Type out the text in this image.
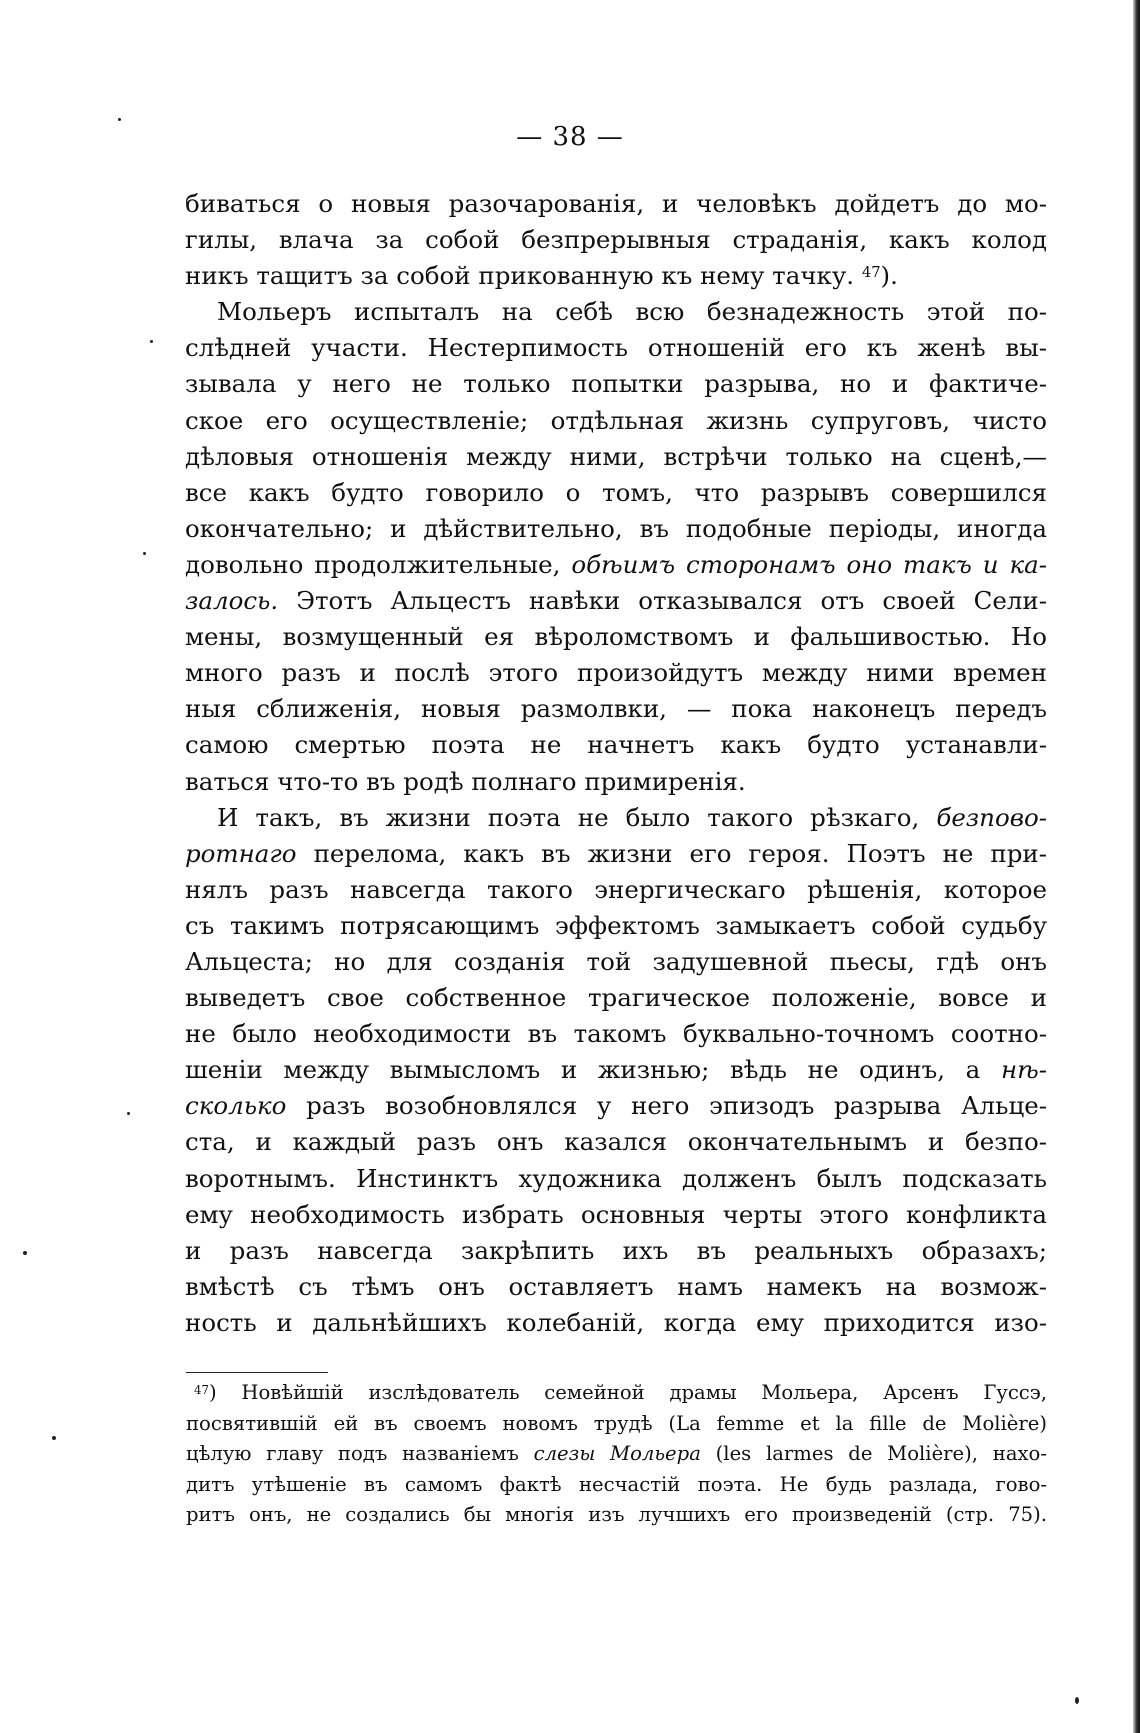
— 38 —
биваться о новыя разочарованія, и человѣкъ дойдетъ до мо-
гилы, влача за собой безпрерывныя страданія, какъ колод
никъ тащитъ за собой прикованную къ нему тачку. $^{47}$).
Мольеръ испыталъ на себѣ всю безнадежность этой по-
слѣдней участи. Нестерпимость отношеній его къ женѣ вы-
зывала у него не только попытки разрыва, но и фактиче-
ское его осуществленіе; отдѣльная жизнь супруговъ, чисто
дѣловыя отношенія между ними, встрѣчи только на сценѣ,—
все какъ будто говорило о томъ, что разрывъ совершился
окончательно; и дѣйствительно, въ подобные періоды, иногда
довольно продолжительные, обѣимъ сторонамъ оно такъ и ка-
залось. Этотъ Альцестъ навѣки отказывался отъ своей Сели-
мены, возмущенный ея вѣроломствомъ и фальшивостью. Но
много разъ и послѣ этого произойдутъ между ними времен
ныя сближенія, новыя размолвки, — пока наконецъ передъ
самою смертью поэта не начнетъ какъ будто устанавли-
ваться что-то въ родѣ полнаго примиренія.
И такъ, въ жизни поэта не было такого рѣзкаго, безпово-
ротнаго перелома, какъ въ жизни его героя. Поэтъ не при-
нялъ разъ навсегда такого энергическаго рѣшенія, которое
съ такимъ потрясающимъ эффектомъ замыкаетъ собой судьбу
Альцеста; но для созданія той задушевной пьесы, гдѣ онъ
выведетъ свое собственное трагическое положеніе, вовсе и
не было необходимости въ такомъ буквально-точномъ соотно-
шеніи между вымысломъ и жизнью; вѣдь не одинъ, а нѣ-
сколько разъ возобновлялся у него эпизодъ разрыва Альце-
ста, и каждый разъ онъ казался окончательнымъ и безпо-
воротнымъ. Инстинктъ художника долженъ былъ подсказать
ему необходимость избрать основныя черты этого конфликта
и разъ навсегда закрѣпить ихъ въ реальныхъ образахъ;
вмѣстѣ съ тѣмъ онъ оставляетъ намъ намекъ на возмож-
ность и дальнѣйшихъ колебаній, когда ему приходится изо-
$^{47}$) Новѣйшій изслѣдователь семейной драмы Мольера, Арсенъ Гуссэ,
посвятившій ей въ своемъ новомъ трудѣ (La femme et la fille de Molière)
цѣлую главу подъ названіемъ слезы Мольера (les larmes de Molière), нахо-
дитъ утѣшеніе въ самомъ фактѣ несчастій поэта. Не будь разлада, гово-
ритъ онъ, не создались бы многія изъ лучшихъ его произведеній (стр. 75).
